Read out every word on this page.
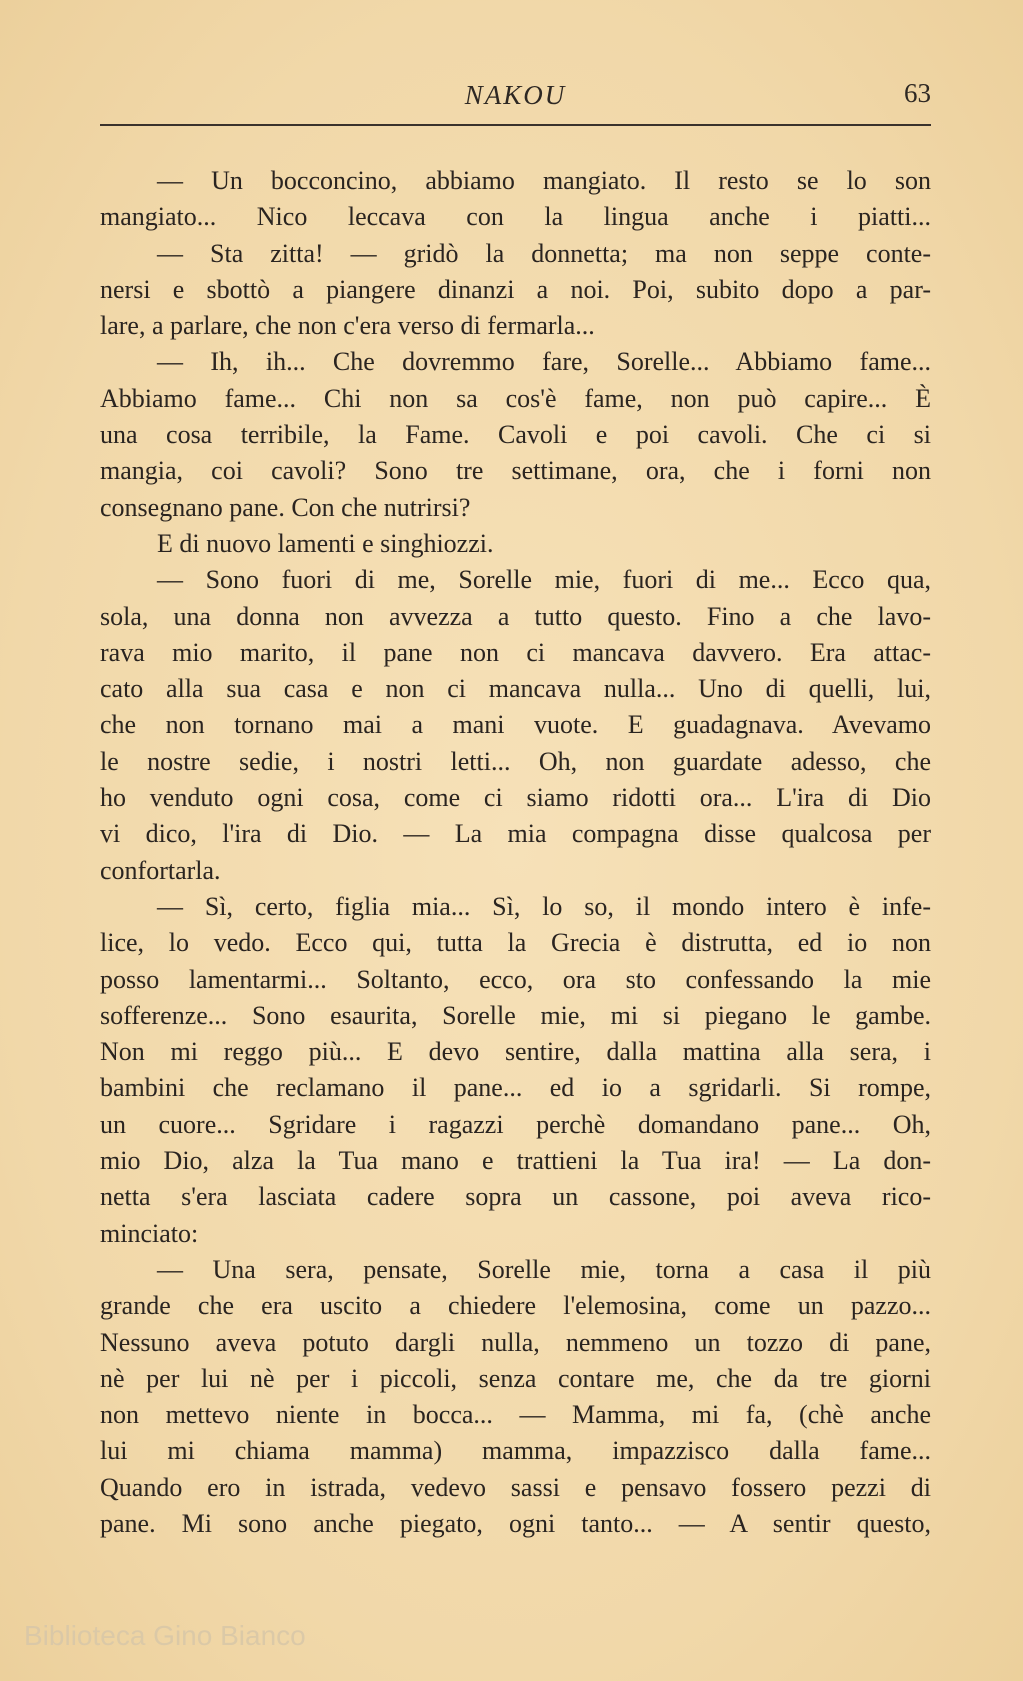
NAKOU	63
— Un bocconcino, abbiamo mangiato. Il resto se lo son
mangiato... Nico leccava con la lingua anche i piatti...
— Sta zitta! — gridò la donnetta; ma non seppe conte-
nersi e sbottò a piangere dinanzi a noi. Poi, subito dopo a par-
lare, a parlare, che non c'era verso di fermarla...
— Ih, ih... Che dovremmo fare, Sorelle... Abbiamo fame...
Abbiamo fame... Chi non sa cos'è fame, non può capire... È
una cosa terribile, la Fame. Cavoli e poi cavoli. Che ci si
mangia, coi cavoli? Sono tre settimane, ora, che i forni non
consegnano pane. Con che nutrirsi?
E di nuovo lamenti e singhiozzi.
— Sono fuori di me, Sorelle mie, fuori di me... Ecco qua,
sola, una donna non avvezza a tutto questo. Fino a che lavo-
rava mio marito, il pane non ci mancava davvero. Era attac-
cato alla sua casa e non ci mancava nulla... Uno di quelli, lui,
che non tornano mai a mani vuote. E guadagnava. Avevamo
le nostre sedie, i nostri letti... Oh, non guardate adesso, che
ho venduto ogni cosa, come ci siamo ridotti ora... L'ira di Dio
vi dico, l'ira di Dio. — La mia compagna disse qualcosa per
confortarla.
— Sì, certo, figlia mia... Sì, lo so, il mondo intero è infe-
lice, lo vedo. Ecco qui, tutta la Grecia è distrutta, ed io non
posso lamentarmi... Soltanto, ecco, ora sto confessando la mie
sofferenze... Sono esaurita, Sorelle mie, mi si piegano le gambe.
Non mi reggo più... E devo sentire, dalla mattina alla sera, i
bambini che reclamano il pane... ed io a sgridarli. Si rompe,
un cuore... Sgridare i ragazzi perchè domandano pane... Oh,
mio Dio, alza la Tua mano e trattieni la Tua ira! — La don-
netta s'era lasciata cadere sopra un cassone, poi aveva rico-
minciato:
— Una sera, pensate, Sorelle mie, torna a casa il più
grande che era uscito a chiedere l'elemosina, come un pazzo...
Nessuno aveva potuto dargli nulla, nemmeno un tozzo di pane,
nè per lui nè per i piccoli, senza contare me, che da tre giorni
non mettevo niente in bocca... — Mamma, mi fa, (chè anche
lui mi chiama mamma) mamma, impazzisco dalla fame...
Quando ero in istrada, vedevo sassi e pensavo fossero pezzi di
pane. Mi sono anche piegato, ogni tanto... — A sentir questo,
Biblioteca Gino Bianco
